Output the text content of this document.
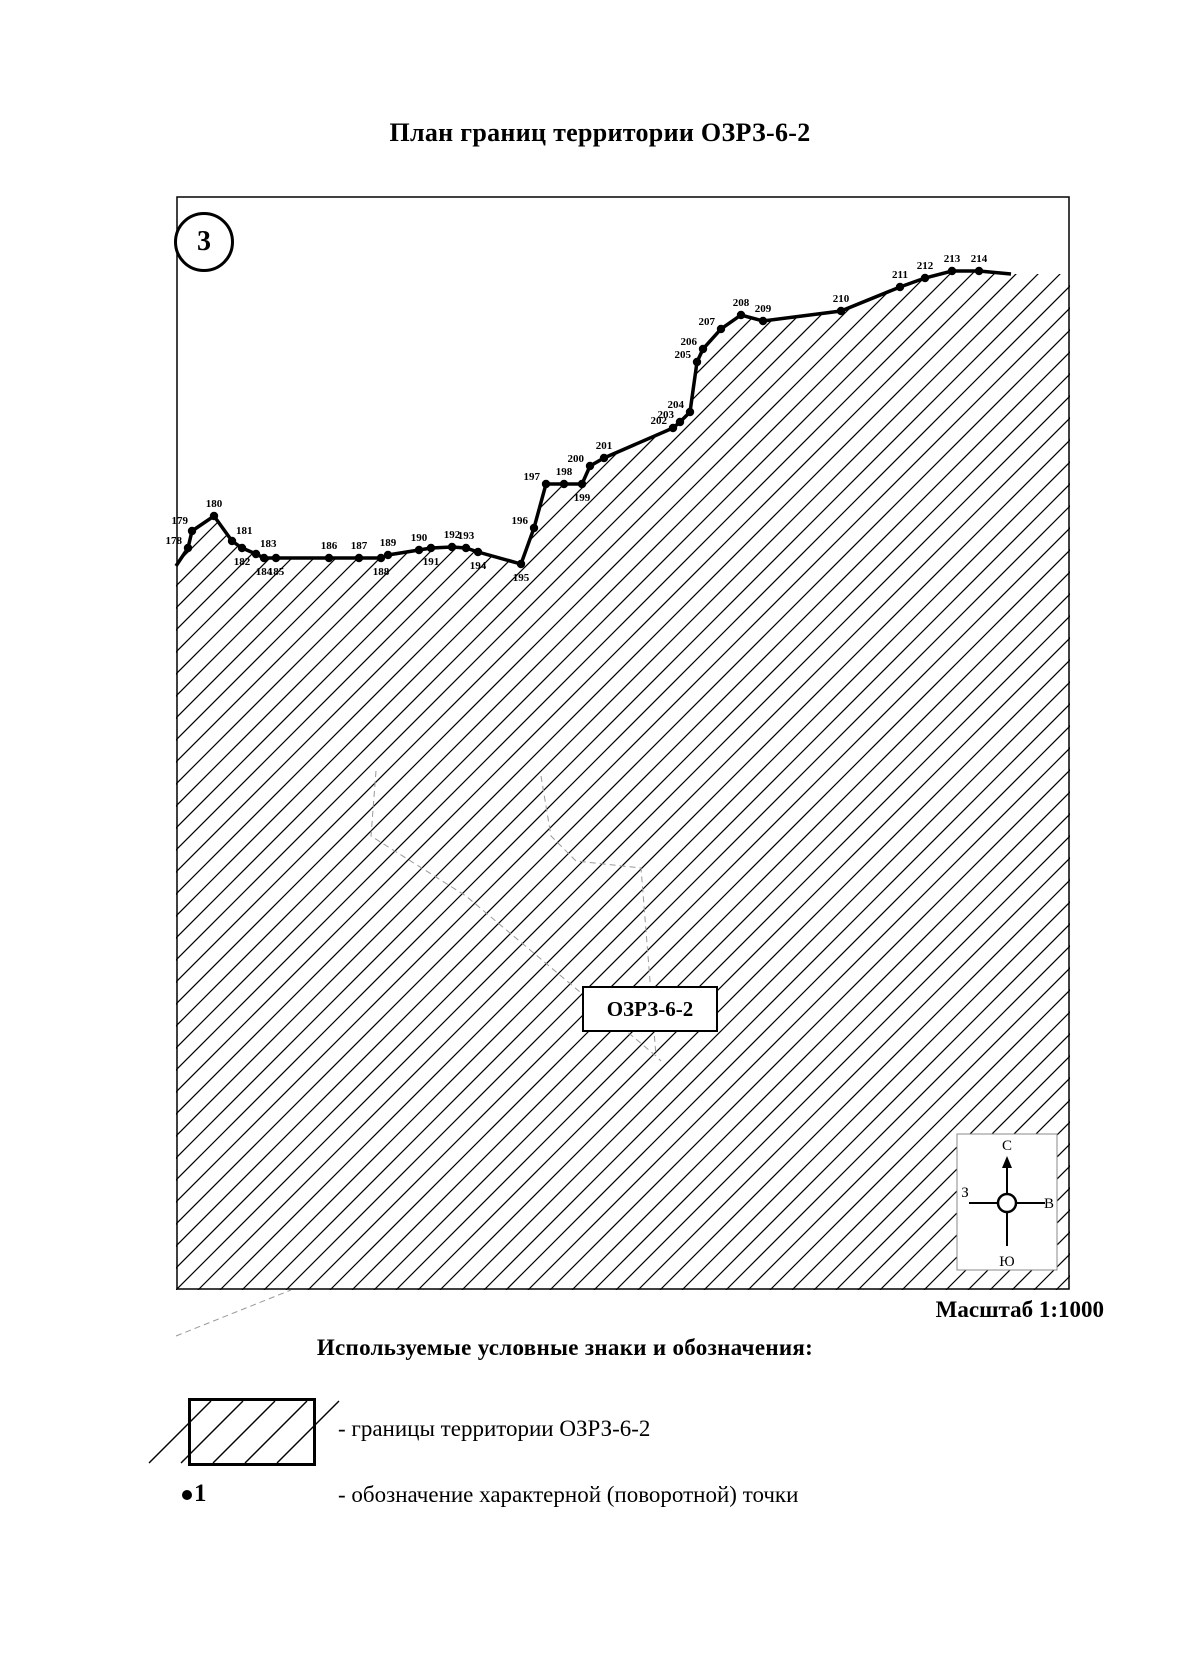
План границ территории ОЗРЗ-6-2
178
179
180
181
182
183
184
185
186 187
188
189 190
191
192
193
194
195
196
197 198
199
200
201
202
203
204
205
206
207
208 209
210
211
212
213 214
3
ОЗРЗ-6-2
С
Ю
З
В
Масштаб 1:1000
Используемые условные знаки и обозначения:
- границы территории ОЗРЗ-6-2
1	- обозначение характерной (поворотной) точки
